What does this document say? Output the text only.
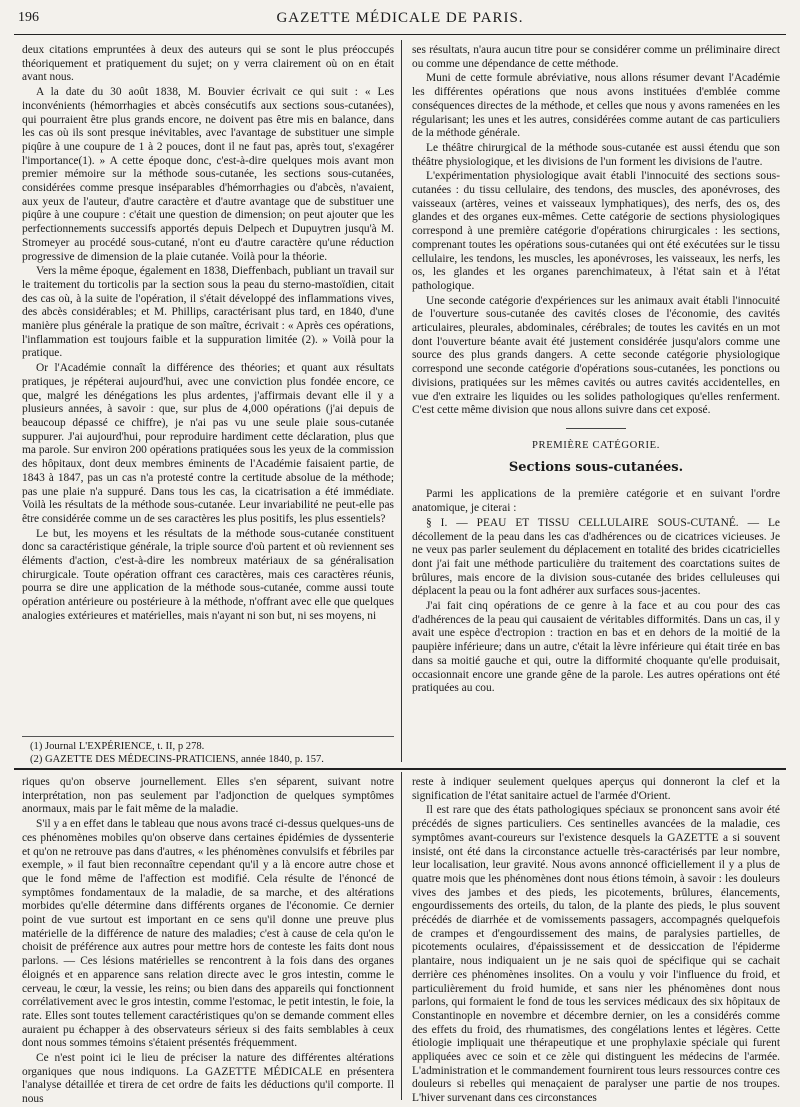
196	GAZETTE MÉDICALE DE PARIS.

deux citations empruntées à deux des auteurs qui se sont le plus préoccupés théoriquement et pratiquement du sujet; on y verra clairement où on en était avant nous.

A la date du 30 août 1838, M. Bouvier écrivait ce qui suit : « Les inconvénients (hémorrhagies et abcès consécutifs aux sections sous-cutanées), qui pourraient être plus grands encore, ne doivent pas être mis en balance, dans les cas où ils sont presque inévitables, avec l'avantage de substituer une simple piqûre à une coupure de 1 à 2 pouces, dont il ne faut pas, après tout, s'exagérer l'importance(1). » A cette époque donc, c'est-à-dire quelques mois avant mon premier mémoire sur la méthode sous-cutanée, les sections sous-cutanées, considérées comme presque inséparables d'hémorrhagies ou d'abcès, n'avaient, aux yeux de l'auteur, d'autre caractère et d'autre avantage que de substituer une piqûre à une coupure : c'était une question de dimension; on peut ajouter que les perfectionnements successifs apportés depuis Delpech et Dupuytren jusqu'à M. Stromeyer au procédé sous-cutané, n'ont eu d'autre caractère qu'une réduction progressive de dimension de la plaie cutanée. Voilà pour la théorie.

Vers la même époque, également en 1838, Dieffenbach, publiant un travail sur le traitement du torticolis par la section sous la peau du sterno-mastoïdien, citait des cas où, à la suite de l'opération, il s'était développé des inflammations vives, des abcès considérables; et M. Phillips, caractérisant plus tard, en 1840, d'une manière plus générale la pratique de son maître, écrivait : « Après ces opérations, l'inflammation est toujours faible et la suppuration limitée (2). » Voilà pour la pratique.

Or l'Académie connaît la différence des théories; et quant aux résultats pratiques, je répéterai aujourd'hui, avec une conviction plus fondée encore, ce que, malgré les dénégations les plus ardentes, j'affirmais devant elle il y a plusieurs années, à savoir : que, sur plus de 4,000 opérations (j'ai depuis de beaucoup dépassé ce chiffre), je n'ai pas vu une seule plaie sous-cutanée suppurer. J'ai aujourd'hui, pour reproduire hardiment cette déclaration, plus que ma parole. Sur environ 200 opérations pratiquées sous les yeux de la commission des hôpitaux, dont deux membres éminents de l'Académie faisaient partie, de 1843 à 1847, pas un cas n'a protesté contre la certitude absolue de la méthode; pas une plaie n'a suppuré. Dans tous les cas, la cicatrisation a été immédiate. Voilà les résultats de la méthode sous-cutanée. Leur invariabilité ne peut-elle pas être considérée comme un de ses caractères les plus positifs, les plus essentiels?

Le but, les moyens et les résultats de la méthode sous-cutanée constituent donc sa caractéristique générale, la triple source d'où partent et où reviennent ses éléments d'action, c'est-à-dire les nombreux matériaux de sa généralisation chirurgicale. Toute opération offrant ces caractères, mais ces caractères réunis, pourra se dire une application de la méthode sous-cutanée, comme aussi toute opération antérieure ou postérieure à la méthode, n'offrant avec elle que quelques analogies extérieures et matérielles, mais n'ayant ni son but, ni ses moyens, ni

(1) Journal L'EXPÉRIENCE, t. II, p 278.
(2) GAZETTE DES MÉDECINS-PRATICIENS, année 1840, p. 157.

ses résultats, n'aura aucun titre pour se considérer comme un préliminaire direct ou comme une dépendance de cette méthode.

Muni de cette formule abréviative, nous allons résumer devant l'Académie les différentes opérations que nous avons instituées d'emblée comme conséquences directes de la méthode, et celles que nous y avons ramenées en les régularisant; les unes et les autres, considérées comme autant de cas particuliers de la méthode générale.

Le théâtre chirurgical de la méthode sous-cutanée est aussi étendu que son théâtre physiologique, et les divisions de l'un forment les divisions de l'autre.

L'expérimentation physiologique avait établi l'innocuité des sections sous-cutanées : du tissu cellulaire, des tendons, des muscles, des aponévroses, des vaisseaux (artères, veines et vaisseaux lymphatiques), des nerfs, des os, des glandes et des organes eux-mêmes. Cette catégorie de sections physiologiques correspond à une première catégorie d'opérations chirurgicales : les sections, comprenant toutes les opérations sous-cutanées qui ont été exécutées sur le tissu cellulaire, les tendons, les muscles, les aponévroses, les vaisseaux, les nerfs, les os, les glandes et les organes parenchimateux, à l'état sain et à l'état pathologique.

Une seconde catégorie d'expériences sur les animaux avait établi l'innocuité de l'ouverture sous-cutanée des cavités closes de l'économie, des cavités articulaires, pleurales, abdominales, cérébrales; de toutes les cavités en un mot dont l'ouverture béante avait été justement considérée jusqu'alors comme une source des plus grands dangers. A cette seconde catégorie physiologique correspond une seconde catégorie d'opérations sous-cutanées, les ponctions ou divisions, pratiquées sur les mêmes cavités ou autres cavités accidentelles, en vue d'en extraire les liquides ou les solides pathologiques qu'elles renferment. C'est cette même division que nous allons suivre dans cet exposé.

PREMIÈRE CATÉGORIE.
Sections sous-cutanées.

Parmi les applications de la première catégorie et en suivant l'ordre anatomique, je citerai :

§ I. — PEAU ET TISSU CELLULAIRE SOUS-CUTANÉ. — Le décollement de la peau dans les cas d'adhérences ou de cicatrices vicieuses. Je ne veux pas parler seulement du déplacement en totalité des brides cicatricielles dont j'ai fait une méthode particulière du traitement des coarctations suites de brûlures, mais encore de la division sous-cutanée des brides celluleuses qui déplacent la peau ou la font adhérer aux surfaces sous-jacentes.

J'ai fait cinq opérations de ce genre à la face et au cou pour des cas d'adhérences de la peau qui causaient de véritables difformités. Dans un cas, il y avait une espèce d'ectropion : traction en bas et en dehors de la moitié de la paupière inférieure; dans un autre, c'était la lèvre inférieure qui était tirée en bas dans sa moitié gauche et qui, outre la difformité choquante qu'elle produisait, occasionnait encore une grande gêne de la parole. Les autres opérations ont été pratiquées au cou.

riques qu'on observe journellement. Elles s'en séparent, suivant notre interprétation, non pas seulement par l'adjonction de quelques symptômes anormaux, mais par le fait même de la maladie.

S'il y a en effet dans le tableau que nous avons tracé ci-dessus quelques-uns de ces phénomènes mobiles qu'on observe dans certaines épidémies de dyssenterie et qu'on ne retrouve pas dans d'autres, « les phénomènes convulsifs et fébriles par exemple, » il faut bien reconnaître cependant qu'il y a là encore autre chose et que le fond même de l'affection est modifié. Cela résulte de l'énoncé de symptômes fondamentaux de la maladie, de sa marche, et des altérations morbides qu'elle détermine dans différents organes de l'économie. Ce dernier point de vue surtout est important en ce sens qu'il donne une preuve plus matérielle de la différence de nature des maladies; c'est à cause de cela qu'on le choisit de préférence aux autres pour mettre hors de conteste les faits dont nous parlons. — Ces lésions matérielles se rencontrent à la fois dans des organes éloignés et en apparence sans relation directe avec le gros intestin, comme le cerveau, le cœur, la vessie, les reins; ou bien dans des appareils qui fonctionnent corrélativement avec le gros intestin, comme l'estomac, le petit intestin, le foie, la rate. Elles sont toutes tellement caractéristiques qu'on se demande comment elles auraient pu échapper à des observateurs sérieux si des faits semblables à ceux dont nous sommes témoins s'étaient présentés fréquemment.

Ce n'est point ici le lieu de préciser la nature des différentes altérations organiques que nous indiquons. La GAZETTE MÉDICALE en présentera l'analyse détaillée et tirera de cet ordre de faits les déductions qu'il comporte. Il nous

reste à indiquer seulement quelques aperçus qui donneront la clef et la signification de l'état sanitaire actuel de l'armée d'Orient.

Il est rare que des états pathologiques spéciaux se prononcent sans avoir été précédés de signes particuliers. Ces sentinelles avancées de la maladie, ces symptômes avant-coureurs sur l'existence desquels la GAZETTE a si souvent insisté, ont été dans la circonstance actuelle très-caractérisés par leur nombre, leur localisation, leur gravité. Nous avons annoncé officiellement il y a plus de quatre mois que les phénomènes dont nous étions témoin, à savoir : les douleurs vives des jambes et des pieds, les picotements, brûlures, élancements, engourdissements des orteils, du talon, de la plante des pieds, le plus souvent précédés de diarrhée et de vomissements passagers, accompagnés quelquefois de crampes et d'engourdissement des mains, de paralysies partielles, de picotements oculaires, d'épaississement et de dessiccation de l'épiderme plantaire, nous indiquaient un je ne sais quoi de spécifique qui se cachait derrière ces phénomènes insolites. On a voulu y voir l'influence du froid, et particulièrement du froid humide, et sans nier les phénomènes dont nous parlons, qui formaient le fond de tous les services médicaux des six hôpitaux de Constantinople en novembre et décembre dernier, on les a considérés comme des effets du froid, des rhumatismes, des congélations lentes et légères. Cette étiologie impliquait une thérapeutique et une prophylaxie spéciale qui furent appliquées avec ce soin et ce zèle qui distinguent les médecins de l'armée. L'administration et le commandement fournirent tous leurs ressources contre ces douleurs si rebelles qui menaçaient de paralyser une partie de nos troupes. L'hiver survenant dans ces circonstances
